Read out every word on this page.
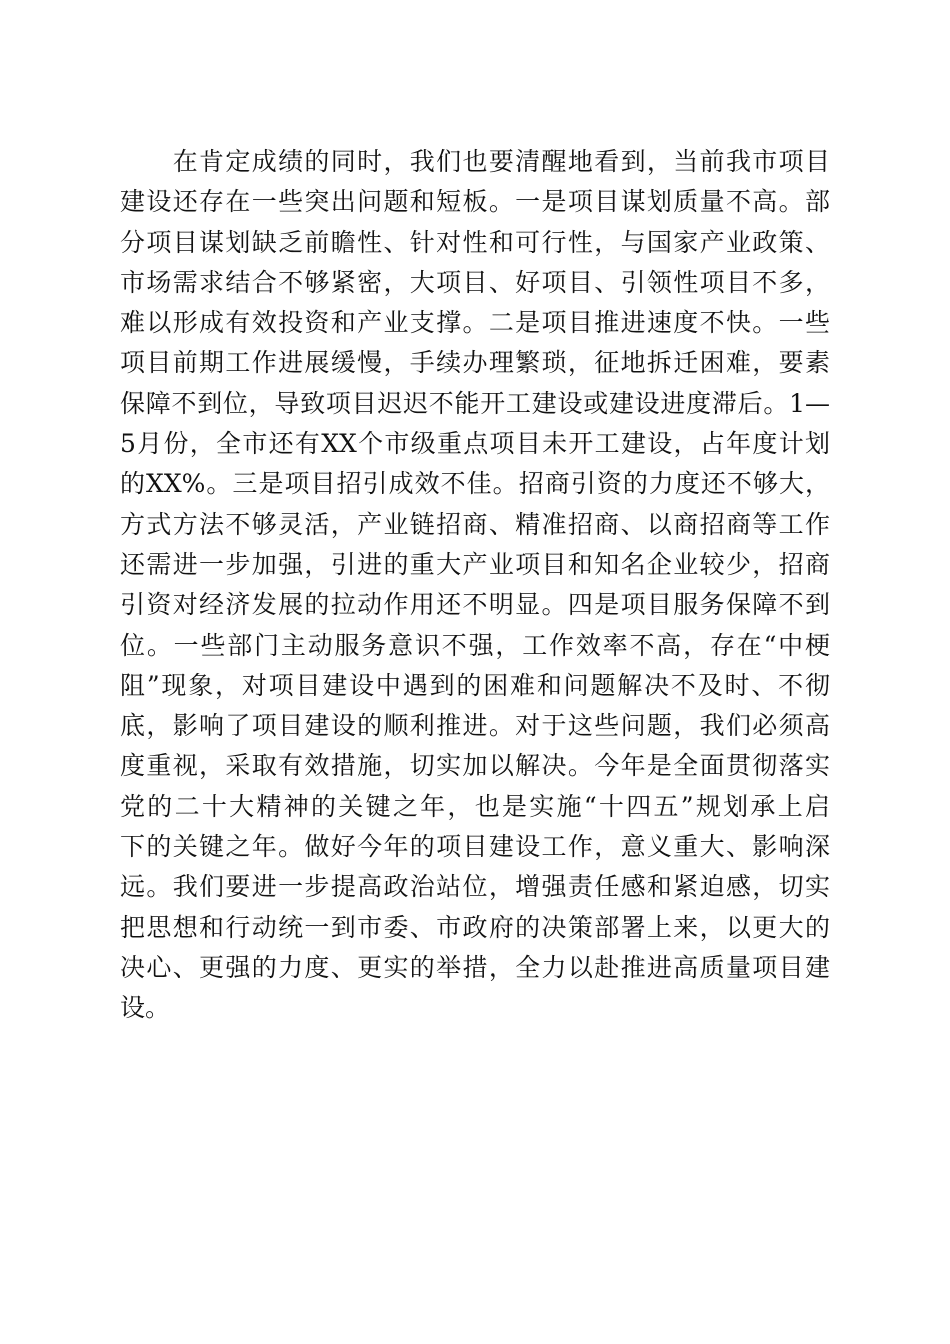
　　在肯定成绩的同时，我们也要清醒地看到，当前我市项目
建设还存在一些突出问题和短板。一是项目谋划质量不高。部
分项目谋划缺乏前瞻性、针对性和可行性，与国家产业政策、
市场需求结合不够紧密，大项目、好项目、引领性项目不多，
难以形成有效投资和产业支撑。二是项目推进速度不快。一些
项目前期工作进展缓慢，手续办理繁琐，征地拆迁困难，要素
保障不到位，导致项目迟迟不能开工建设或建设进度滞后。1—
5月份，全市还有XX个市级重点项目未开工建设，占年度计划
的XX%。三是项目招引成效不佳。招商引资的力度还不够大，
方式方法不够灵活，产业链招商、精准招商、以商招商等工作
还需进一步加强，引进的重大产业项目和知名企业较少，招商
引资对经济发展的拉动作用还不明显。四是项目服务保障不到
位。一些部门主动服务意识不强，工作效率不高，存在“中梗
阻”现象，对项目建设中遇到的困难和问题解决不及时、不彻
底，影响了项目建设的顺利推进。对于这些问题，我们必须高
度重视，采取有效措施，切实加以解决。今年是全面贯彻落实
党的二十大精神的关键之年，也是实施“十四五”规划承上启
下的关键之年。做好今年的项目建设工作，意义重大、影响深
远。我们要进一步提高政治站位，增强责任感和紧迫感，切实
把思想和行动统一到市委、市政府的决策部署上来，以更大的
决心、更强的力度、更实的举措，全力以赴推进高质量项目建
设。
